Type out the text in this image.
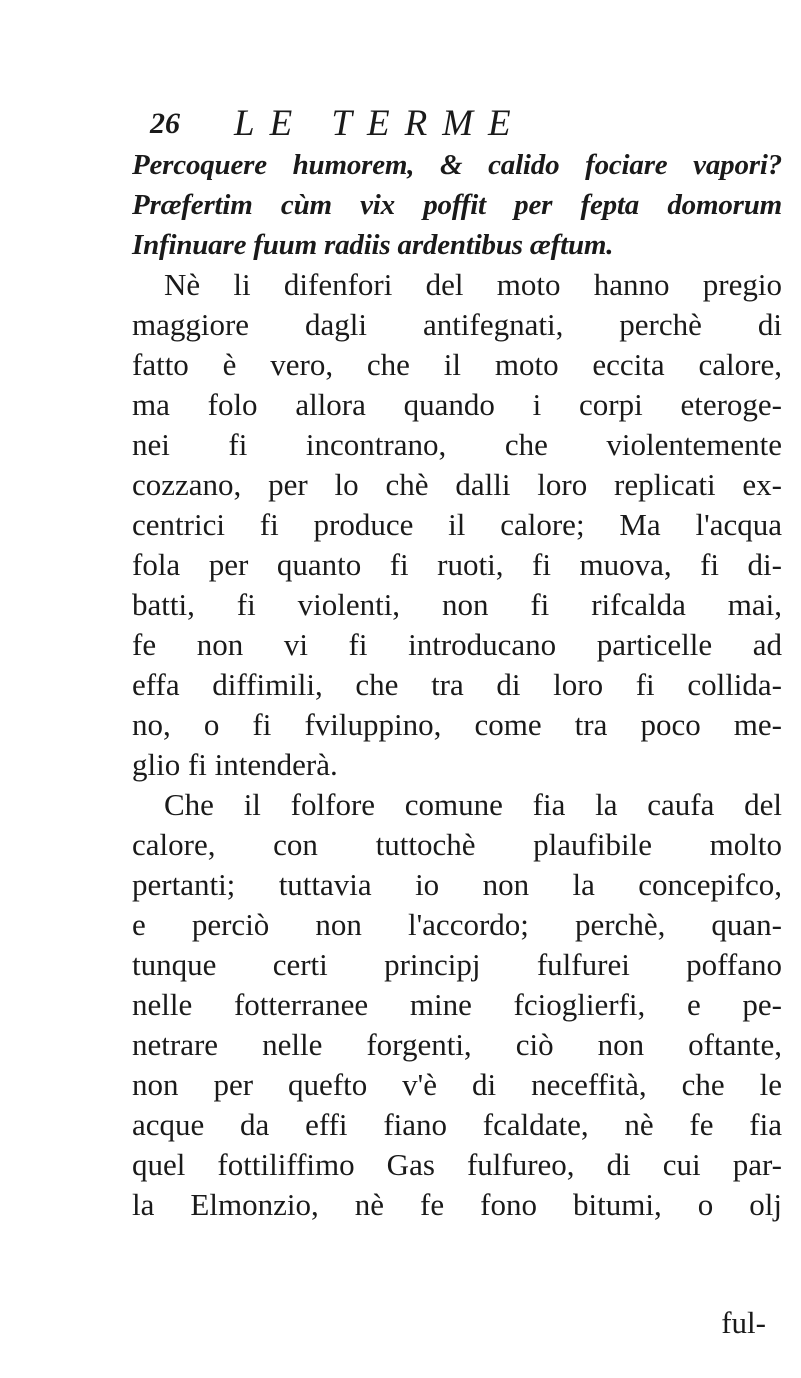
26 LE TERME
Percoquere humorem, & calido fociare vapori?
Præfertim cùm vix poffit per fepta domorum
Infinuare fuum radiis ardentibus æftum.
Nè li difenfori del moto hanno pregio
maggiore dagli antifegnati, perchè di
fatto è vero, che il moto eccita calore,
ma folo allora quando i corpi eteroge-
nei fi incontrano, che violentemente
cozzano, per lo chè dalli loro replicati ex-
centrici fi produce il calore; Ma l'acqua
fola per quanto fi ruoti, fi muova, fi di-
batti, fi violenti, non fi rifcalda mai,
fe non vi fi introducano particelle ad
effa diffimili, che tra di loro fi collida-
no, o fi fviluppino, come tra poco me-
glio fi intenderà.
Che il folfore comune fia la caufa del
calore, con tuttochè plaufibile molto
pertanti; tuttavia io non la concepifco,
e perciò non l'accordo; perchè, quan-
tunque certi principj fulfurei poffano
nelle fotterranee mine fcioglierfi, e pe-
netrare nelle forgenti, ciò non oftante,
non per quefto v'è di neceffità, che le
acque da effi fiano fcaldate, nè fe fia
quel fottiliffimo Gas fulfureo, di cui par-
la Elmonzio, nè fe fono bitumi, o olj
ful-
